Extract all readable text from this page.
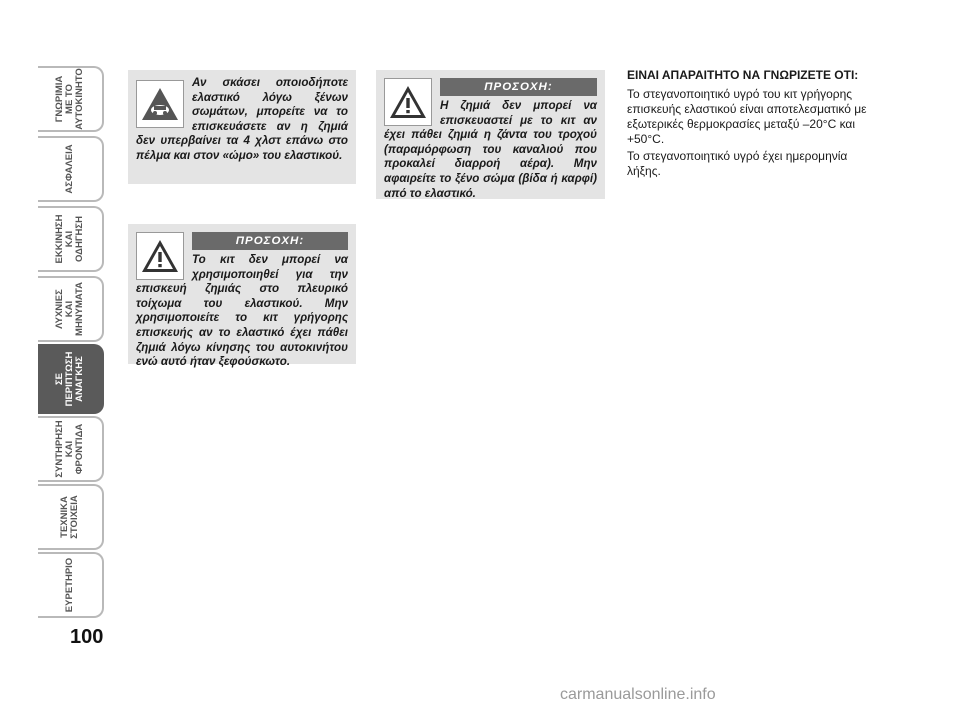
ΓΝΩΡΙΜΙΑ
ΜΕ ΤΟ
ΑΥΤΟΚΙΝΗΤΟ
ΑΣΦΑΛΕΙΑ
ΕΚΚΙΝΗΣΗ
ΚΑΙ
ΟΔΗΓΗΣΗ
ΛΥΧΝΙΕΣ
ΚΑΙ
ΜΗΝΥΜΑΤΑ
ΣΕ
ΠΕΡΙΠΤΩΣΗ
ΑΝΑΓΚΗΣ
ΣΥΝΤΗΡΗΣΗ
ΚΑΙ
ΦΡΟΝΤΙΔΑ
ΤΕΧΝΙΚΑ
ΣΤΟΙΧΕΙΑ
ΕΥΡΕΤΗΡΙΟ
100

Αν σκάσει οποιοδήποτε ελαστικό λόγω ξένων σωμάτων, μπορείτε να το επισκευάσετε αν η ζημιά δεν υπερβαίνει τα 4 χλστ επάνω στο πέλμα και στον «ώμο» του ελαστικού.

ΠΡΟΣΟΧΗ:

Το κιτ δεν μπορεί να χρησιμοποιηθεί για την επισκευή ζημιάς στο πλευρικό τοίχωμα του ελαστικού. Μην χρησιμοποιείτε το κιτ γρήγορης επισκευής αν το ελαστικό έχει πάθει ζημιά λόγω κίνησης του αυτοκινήτου ενώ αυτό ήταν ξεφούσκωτο.

ΠΡΟΣΟΧΗ:

Η ζημιά δεν μπορεί να επισκευαστεί με το κιτ αν έχει πάθει ζημιά η ζάντα του τροχού (παραμόρφωση του καναλιού που προκαλεί διαρροή αέρα). Μην αφαιρείτε το ξένο σώμα (βίδα ή καρφί) από το ελαστικό.

ΕΙΝΑΙ ΑΠΑΡΑΙΤΗΤΟ ΝΑ ΓΝΩΡΙΖΕΤΕ ΟΤΙ:

Το στεγανοποιητικό υγρό του κιτ γρήγορης επισκευής ελαστικού είναι αποτελεσματικό με εξωτερικές θερμοκρασίες μεταξύ –20°C και +50°C.

Το στεγανοποιητικό υγρό έχει ημερομηνία λήξης.

carmanualsonline.info
